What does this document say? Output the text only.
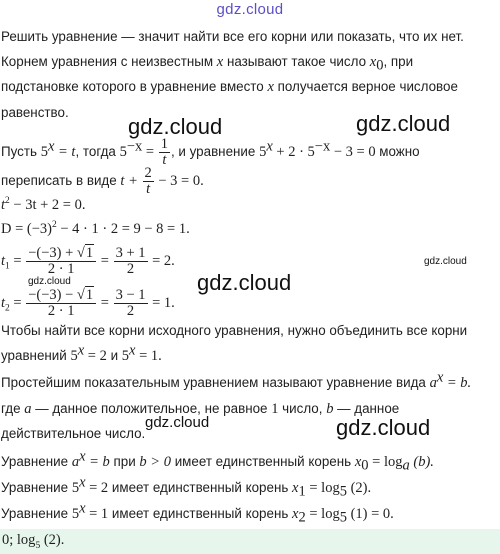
gdz.cloud
Решить уравнение — значит найти все его корни или показать, что их нет.
Корнем уравнения с неизвестным x называют такое число $x_0$, при
подстановке которого в уравнение вместо x получается верное числовое
равенство.
Пусть $5^x = t$, тогда $5^{-x} = \frac{1}{t}$ , и уравнение $5^x + 2 \cdot 5^{-x} - 3 = 0$ можно
переписать в виде $t + \frac{2}{t} - 3 = 0$.
$t^2 - 3t + 2 = 0$.
$D = (-3)^2 - 4 \cdot 1 \cdot 2 = 9 - 8 = 1$.
$t_1 = \frac{-(-3) + √1}{2 \cdot 1} = \frac{3 + 1}{2} = 2$.
$t_2 = \frac{-(-3) - √1}{2 \cdot 1} = \frac{3 - 1}{2} = 1$.
Чтобы найти все корни исходного уравнения, нужно объединить все корни
уравнений $5^x = 2$ и $5^x = 1$.
Простейшим показательным уравнением называют уравнение вида $a^x = b$.
где a — данное положительное, не равное 1 число, b — данное
действительное число.
Уравнение $a^x = b$ при b > 0 имеет единственный корень $x_0 = \log_a (b)$.
Уравнение $5^x = 2$ имеет единственный корень $x_1 = \log_5 (2)$.
Уравнение $5^x = 1$ имеет единственный корень $x_2 = \log_5 (1) = 0$.
0; $\log_5 (2)$.
gdz.cloud	gdz.cloud
gdz.cloud
gdz.cloud	gdz.cloud
gdz.cloud	gdz.cloud
